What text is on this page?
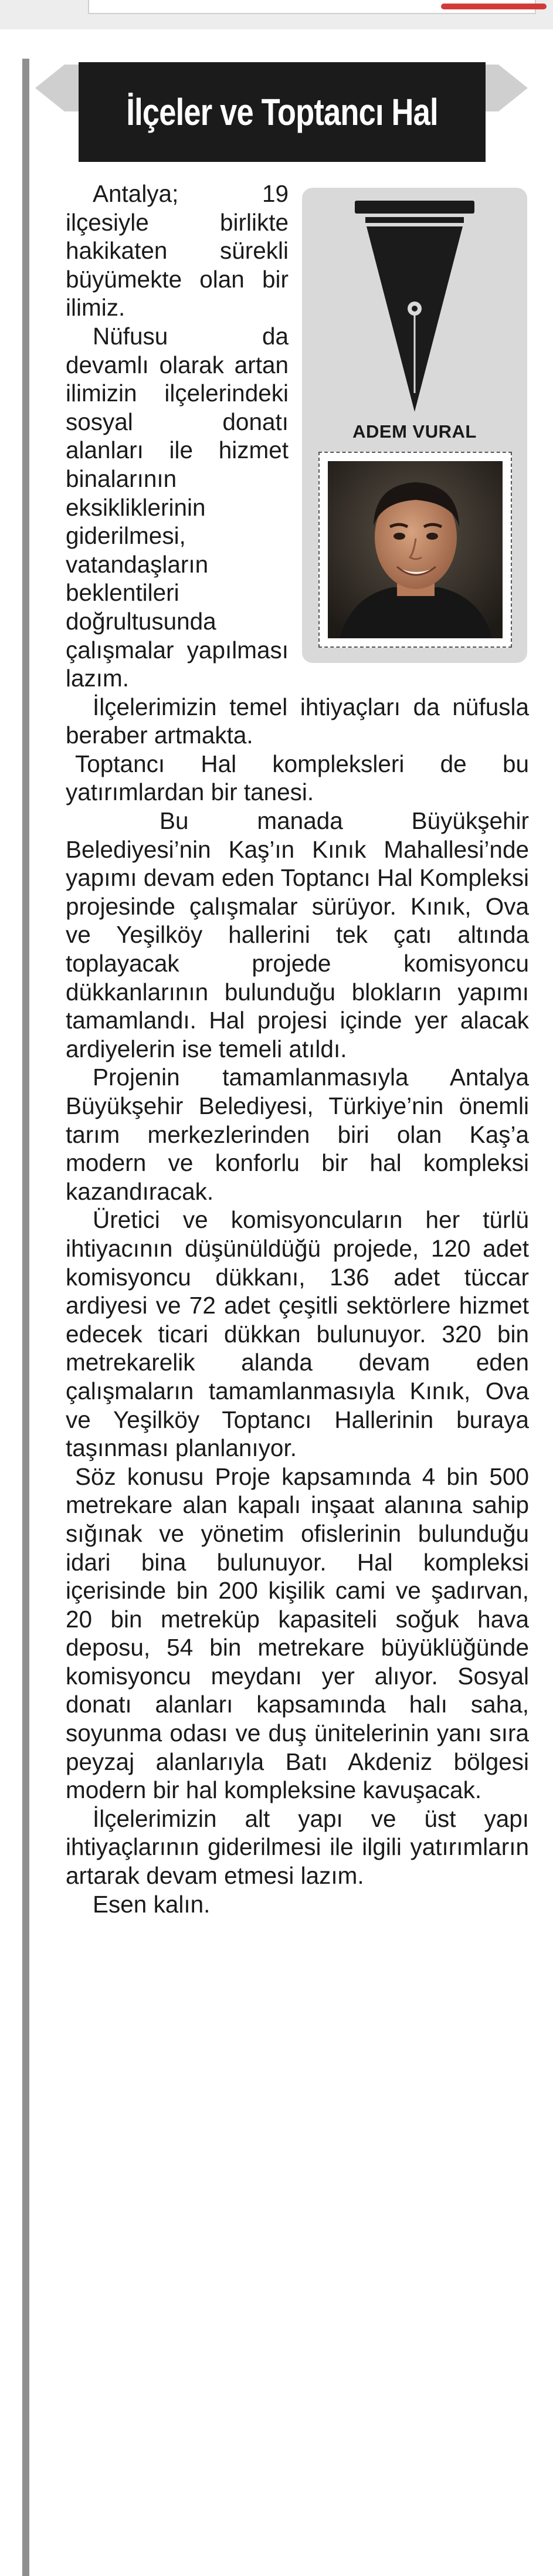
İlçeler ve Toptancı Hal
ADEM VURAL

Antalya; 19 ilçesiyle birlikte hakikaten sürekli büyümekte olan bir ilimiz.

Nüfusu da devamlı olarak artan ilimizin ilçelerindeki sosyal donatı alanları ile hizmet binalarının eksikliklerinin giderilmesi, vatandaşların beklentileri doğrultusunda çalışmalar yapılması lazım.

İlçelerimizin temel ihtiyaçları da nüfusla beraber artmakta.

Toptancı Hal kompleksleri de bu yatırımlardan bir tanesi.

Bu manada Büyükşehir Belediyesi’nin Kaş’ın Kınık Mahallesi’nde yapımı devam eden Toptancı Hal Kompleksi projesinde çalışmalar sürüyor. Kınık, Ova ve Yeşilköy hallerini tek çatı altında toplayacak projede komisyoncu dükkanlarının bulunduğu blokların yapımı tamamlandı. Hal projesi içinde yer alacak ardiyelerin ise temeli atıldı.

Projenin tamamlanmasıyla Antalya Büyükşehir Belediyesi, Türkiye’nin önemli tarım merkezlerinden biri olan Kaş’a modern ve konforlu bir hal kompleksi kazandıracak.

Üretici ve komisyoncuların her türlü ihtiyacının düşünüldüğü projede, 120 adet komisyoncu dükkanı, 136 adet tüccar ardiyesi ve 72 adet çeşitli sektörlere hizmet edecek ticari dükkan bulunuyor. 320 bin metrekarelik alanda devam eden çalışmaların tamamlanmasıyla Kınık, Ova ve Yeşilköy Toptancı Hallerinin buraya taşınması planlanıyor.

Söz konusu Proje kapsamında 4 bin 500 metrekare alan kapalı inşaat alanına sahip sığınak ve yönetim ofislerinin bulunduğu idari bina bulunuyor. Hal kompleksi içerisinde bin 200 kişilik cami ve şadırvan, 20 bin metreküp kapasiteli soğuk hava deposu, 54 bin metrekare büyüklüğünde komisyoncu meydanı yer alıyor. Sosyal donatı alanları kapsamında halı saha, soyunma odası ve duş ünitelerinin yanı sıra peyzaj alanlarıyla Batı Akdeniz bölgesi modern bir hal kompleksine kavuşacak.

İlçelerimizin alt yapı ve üst yapı ihtiyaçlarının giderilmesi ile ilgili yatırımların artarak devam etmesi lazım.

Esen kalın.
